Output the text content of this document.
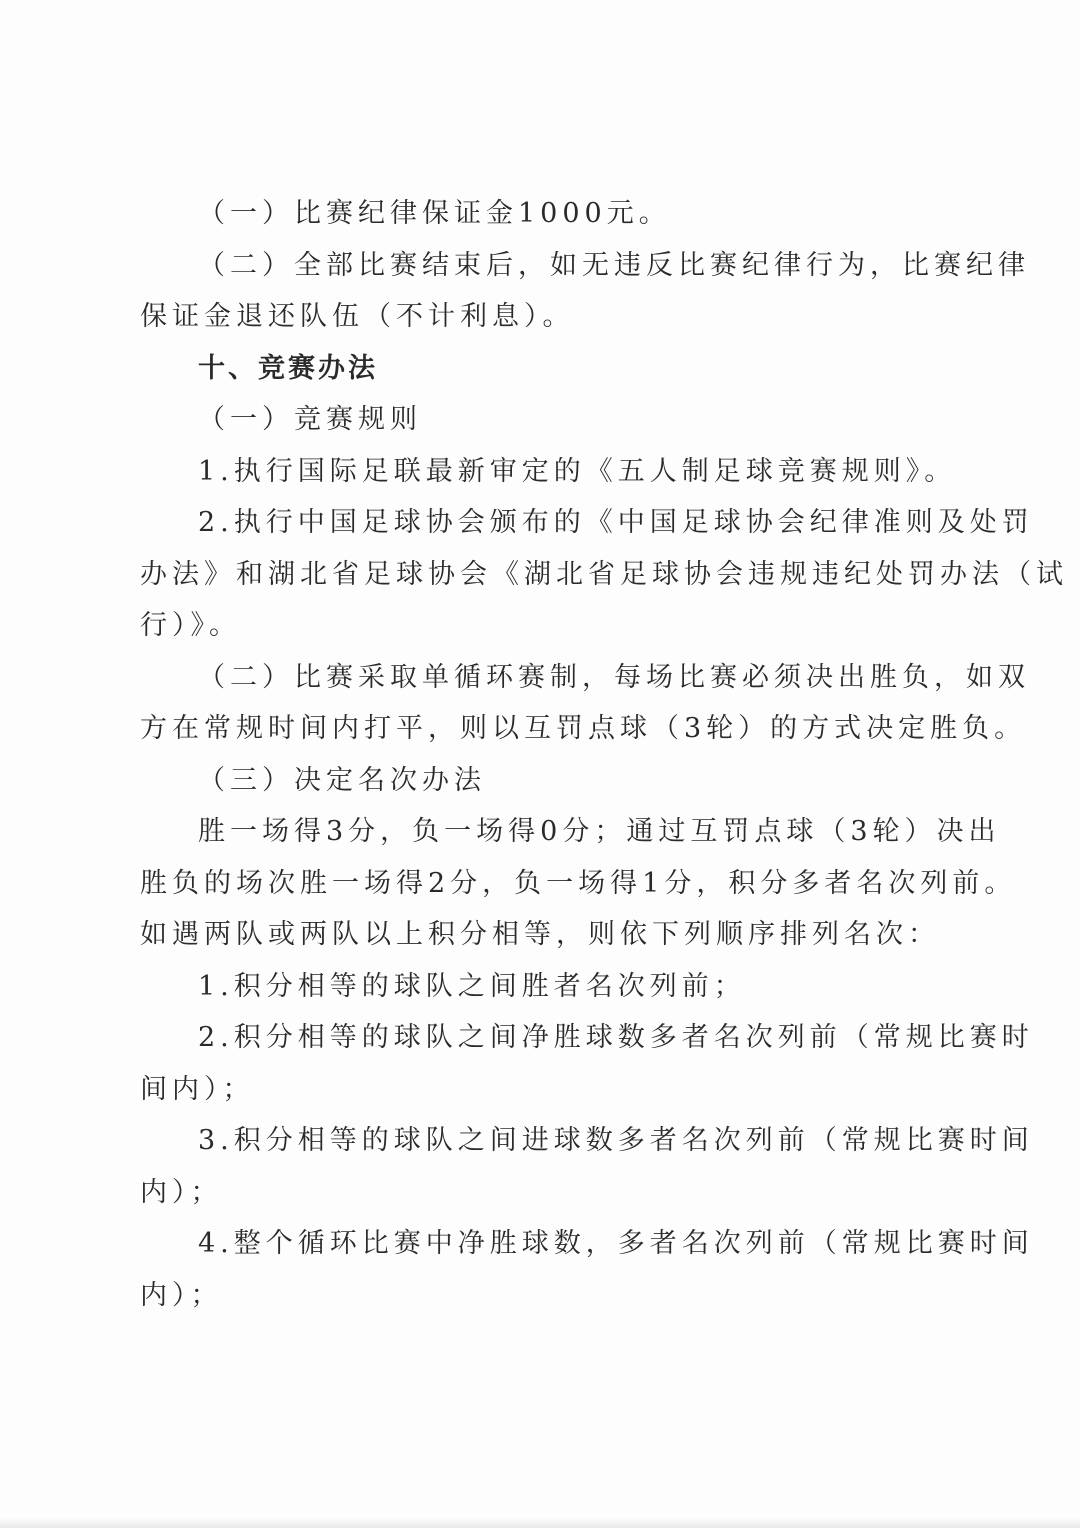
（一）比赛纪律保证金1000元。
（二）全部比赛结束后，如无违反比赛纪律行为，比赛纪律
保证金退还队伍（不计利息）。
十、竞赛办法
（一）竞赛规则
1.执行国际足联最新审定的《五人制足球竞赛规则》。
2.执行中国足球协会颁布的《中国足球协会纪律准则及处罚
办法》和湖北省足球协会《湖北省足球协会违规违纪处罚办法（试
行）》。
（二）比赛采取单循环赛制，每场比赛必须决出胜负，如双
方在常规时间内打平，则以互罚点球（3轮）的方式决定胜负。
（三）决定名次办法
胜一场得3分，负一场得0分；通过互罚点球（3轮）决出
胜负的场次胜一场得2分，负一场得1分，积分多者名次列前。
如遇两队或两队以上积分相等，则依下列顺序排列名次：
1.积分相等的球队之间胜者名次列前；
2.积分相等的球队之间净胜球数多者名次列前（常规比赛时
间内）；
3.积分相等的球队之间进球数多者名次列前（常规比赛时间
内）；
4.整个循环比赛中净胜球数，多者名次列前（常规比赛时间
内）；
